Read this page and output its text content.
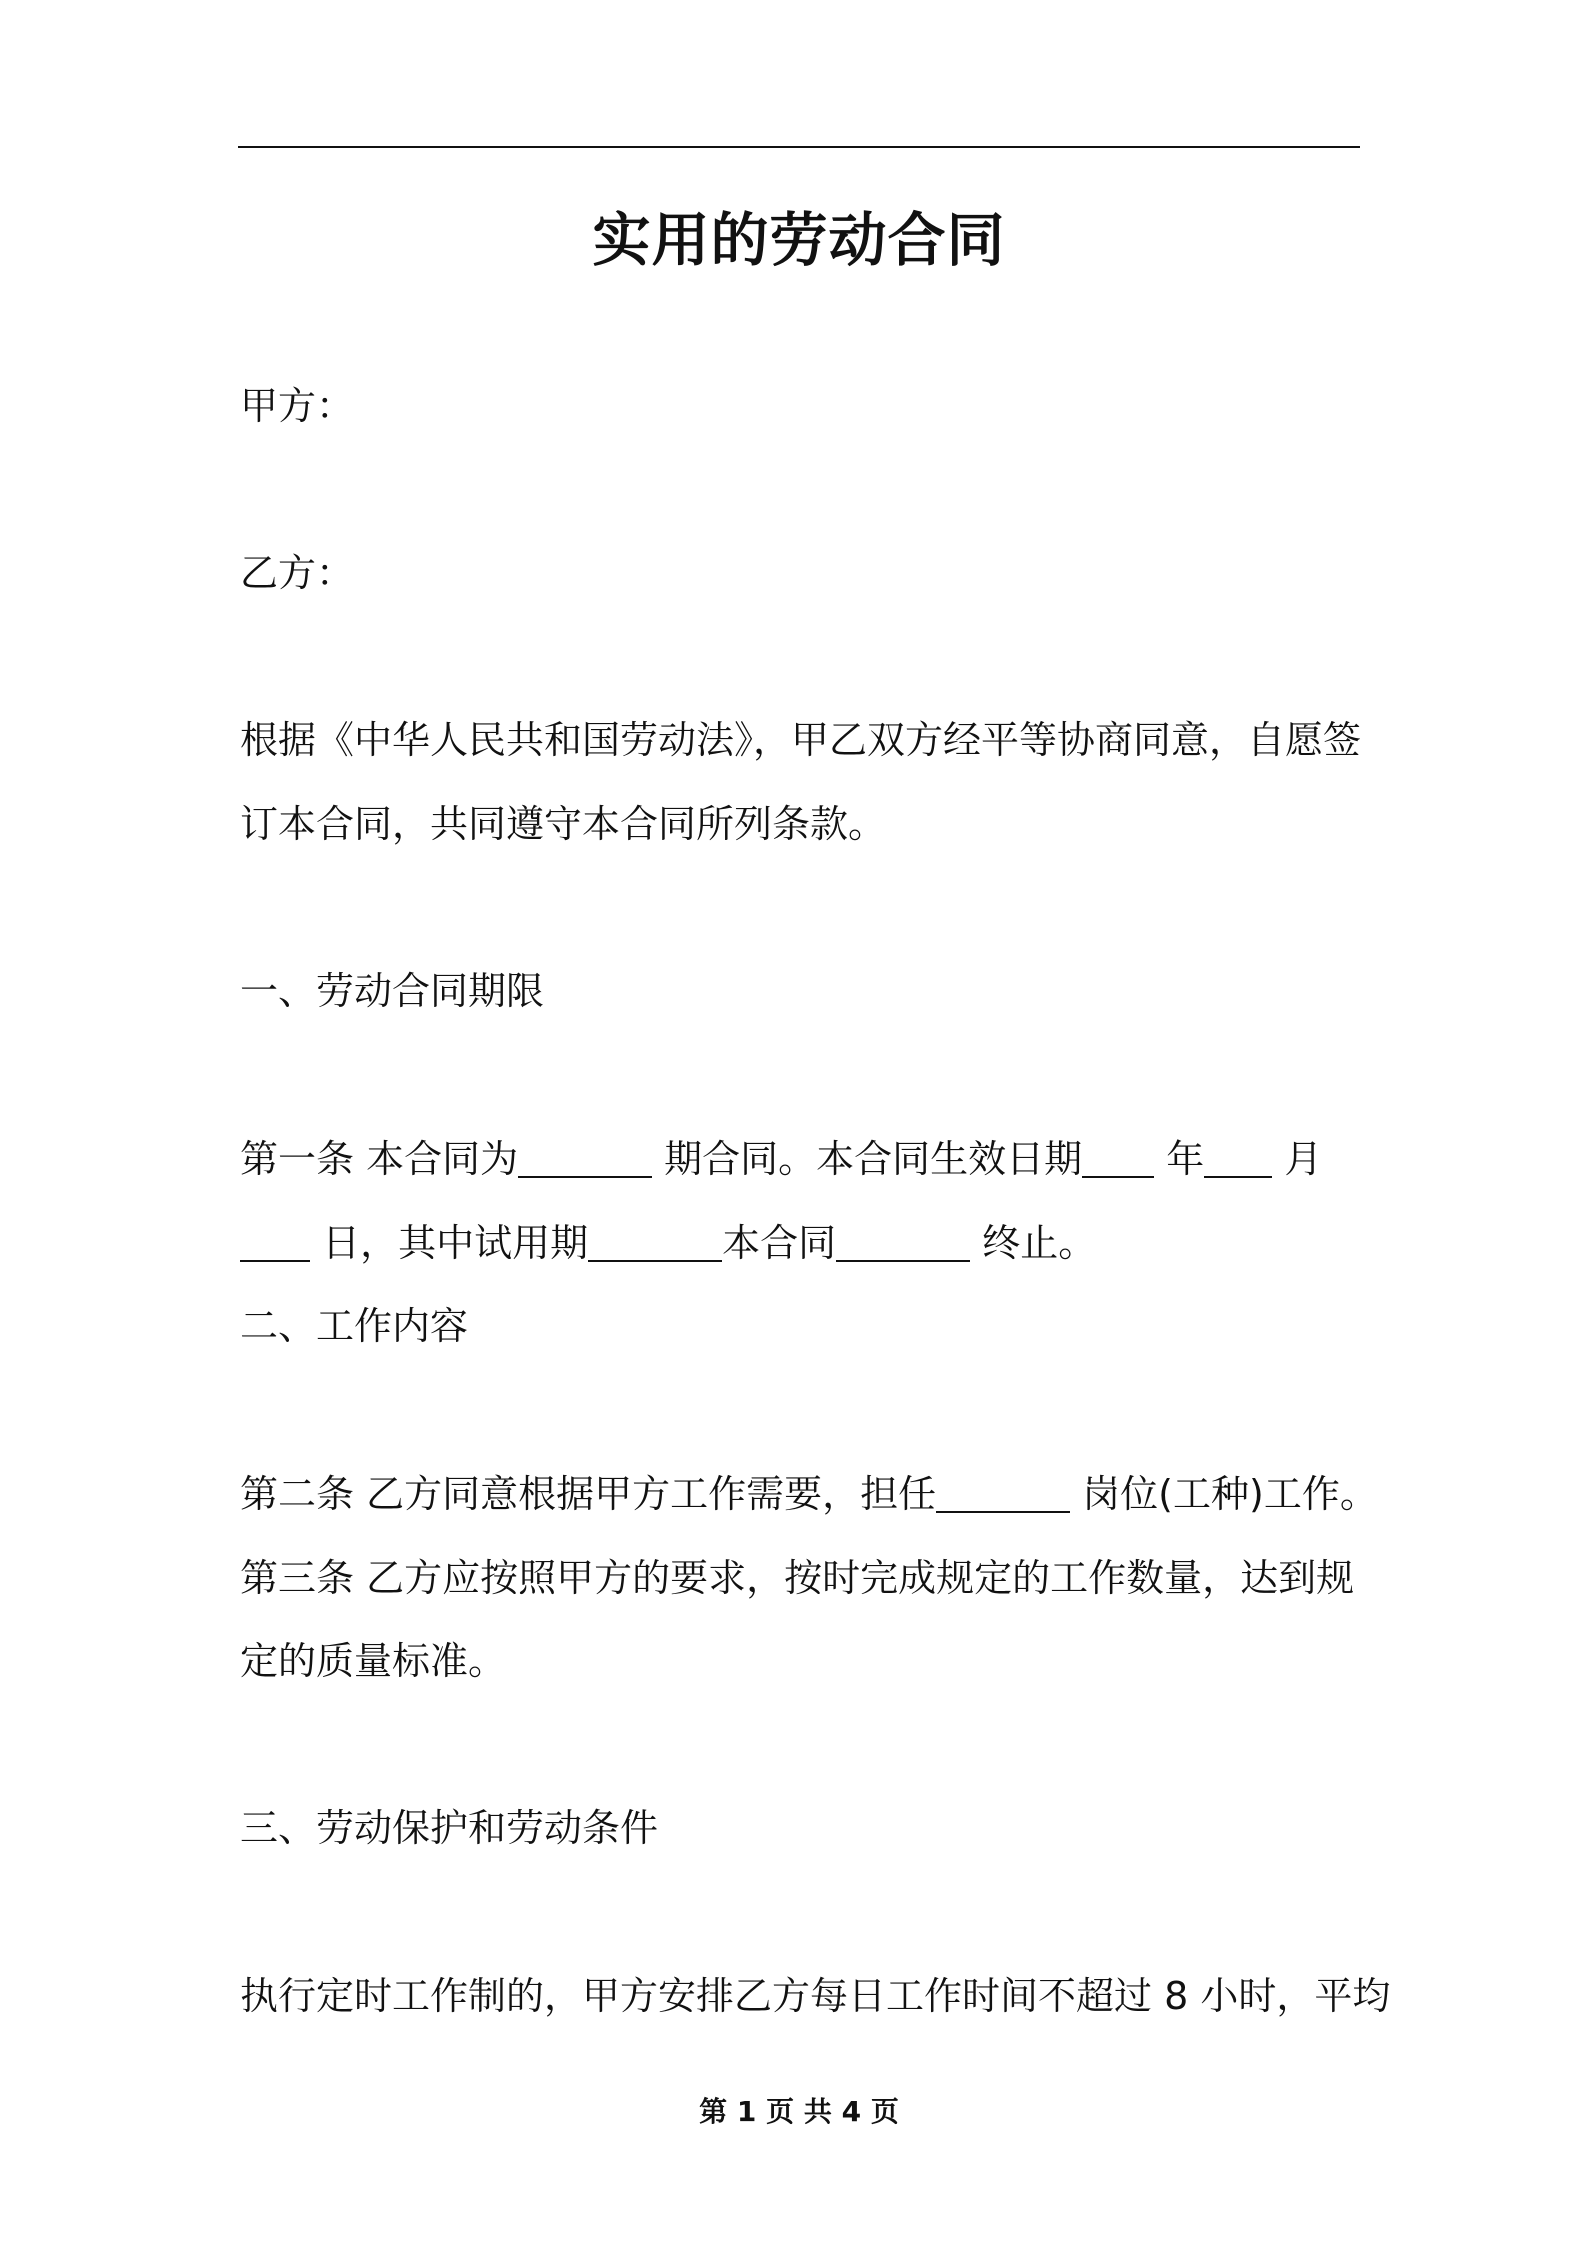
实用的劳动合同
甲方：
乙方：
根据《中华人民共和国劳动法》，甲乙双方经平等协商同意，自愿签
订本合同，共同遵守本合同所列条款。
一、劳动合同期限
第一条 本合同为	期合同。本合同生效日期 年 月
日，其中试用期	本合同	终止。
二、工作内容
第二条 乙方同意根据甲方工作需要，担任	岗位(工种)工作。
第三条 乙方应按照甲方的要求，按时完成规定的工作数量，达到规
定的质量标准。
三、劳动保护和劳动条件
执行定时工作制的，甲方安排乙方每日工作时间不超过 8 小时，平均
第 1 页 共 4 页
